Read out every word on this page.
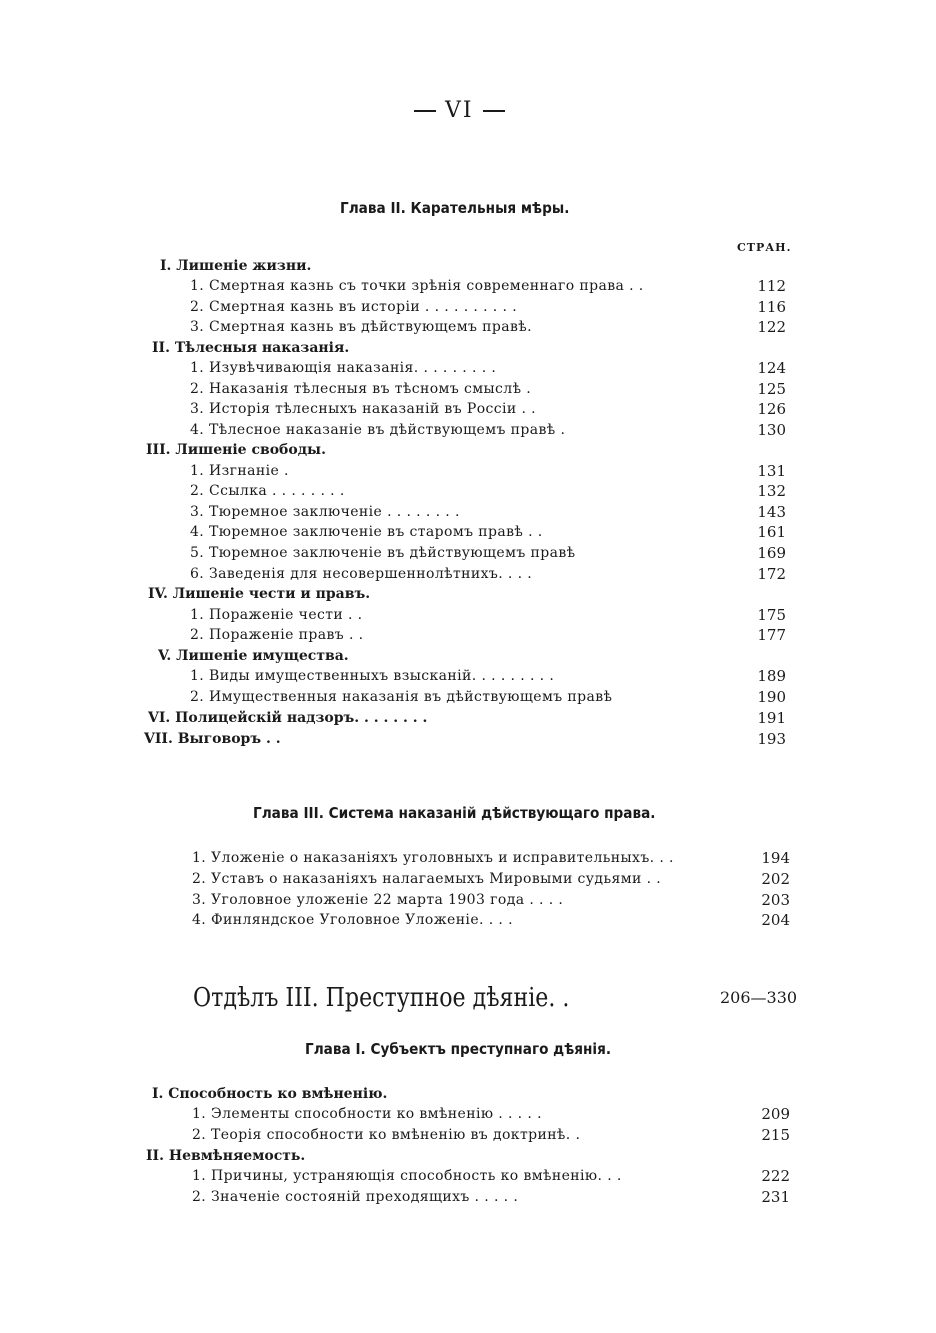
VI
Глава II. Карательныя мѣры.
СТРАН.
I. Лишеніе жизни.
1. Смертная казнь съ точки зрѣнія современнаго права . .	112
2. Смертная казнь въ исторіи . . . . . . . . . .	116
3. Смертная казнь въ дѣйствующемъ правѣ.	122
II. Тѣлесныя наказанія.
1. Изувѣчивающія наказанія. . . . . . . . .	124
2. Наказанія тѣлесныя въ тѣсномъ смыслѣ .	125
3. Исторія тѣлесныхъ наказаній въ Россіи . .	126
4. Тѣлесное наказаніе въ дѣйствующемъ правѣ .	130
III. Лишеніе свободы.
1. Изгнаніе .	131
2. Ссылка . . . . . . . .	132
3. Тюремное заключеніе . . . . . . . .	143
4. Тюремное заключеніе въ старомъ правѣ . .	161
5. Тюремное заключеніе въ дѣйствующемъ правѣ	169
6. Заведенія для несовершеннолѣтнихъ. . . .	172
IV. Лишеніе чести и правъ.
1. Пораженіе чести . .	175
2. Пораженіе правъ . .	177
V. Лишеніе имущества.
1. Виды имущественныхъ взысканій. . . . . . . . .	189
2. Имущественныя наказанія въ дѣйствующемъ правѣ	190
VI. Полицейскій надзоръ. . . . . . . .	191
VII. Выговоръ . .	193
Глава III. Система наказаній дѣйствующаго права.
1. Уложеніе о наказаніяхъ уголовныхъ и исправительныхъ. . .	194
2. Уставъ о наказаніяхъ налагаемыхъ Мировыми судьями . .	202
3. Уголовное уложеніе 22 марта 1903 года . . . .	203
4. Финляндское Уголовное Уложеніе. . . .	204
Отдѣлъ III. Преступное дѣяніе. .	206—330
Глава I. Субъектъ преступнаго дѣянія.
I. Способность ко вмѣненію.
1. Элементы способности ко вмѣненію . . . . .	209
2. Теорія способности ко вмѣненію въ доктринѣ. .	215
II. Невмѣняемость.
1. Причины, устраняющія способность ко вмѣненію. . .	222
2. Значеніе состояній преходящихъ . . . . .	231
